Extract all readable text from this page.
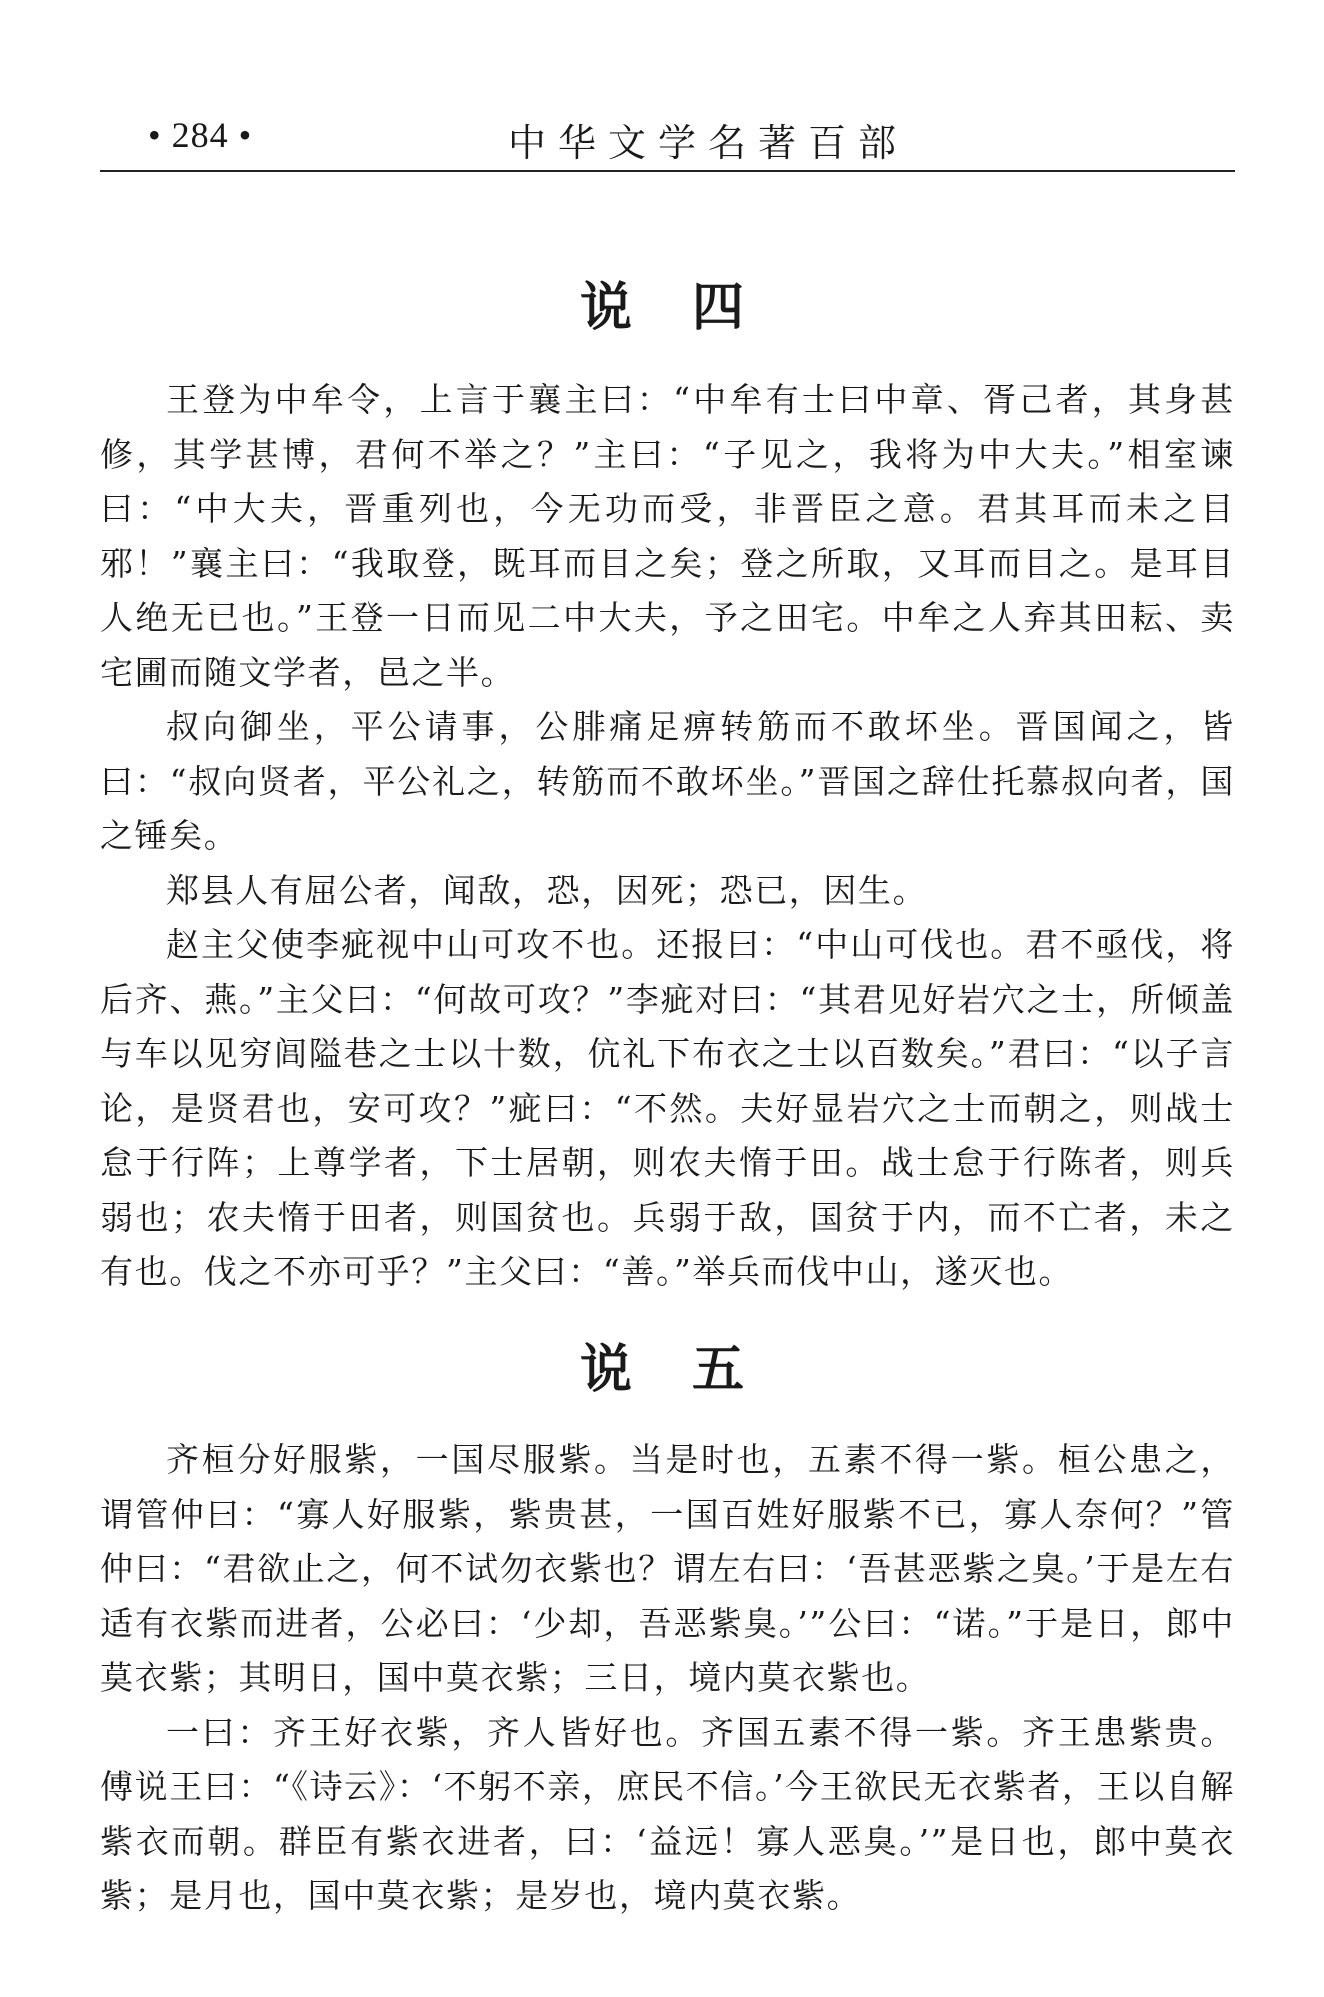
• 284 •	中华文学名著百部
说 四

王登为中牟令，上言于襄主曰：“中牟有士曰中章、胥己者，其身甚修，其学甚博，君何不举之？”主曰：“子见之，我将为中大夫。”相室谏曰：“中大夫，晋重列也，今无功而受，非晋臣之意。君其耳而未之目邪！”襄主曰：“我取登，既耳而目之矣；登之所取，又耳而目之。是耳目人绝无已也。”王登一日而见二中大夫，予之田宅。中牟之人弃其田耘、卖宅圃而随文学者，邑之半。

叔向御坐，平公请事，公腓痛足痹转筋而不敢坏坐。晋国闻之，皆曰：“叔向贤者，平公礼之，转筋而不敢坏坐。”晋国之辞仕托慕叔向者，国之锤矣。

郑县人有屈公者，闻敌，恐，因死；恐已，因生。

赵主父使李疵视中山可攻不也。还报曰：“中山可伐也。君不亟伐，将后齐、燕。”主父曰：“何故可攻？”李疵对曰：“其君见好岩穴之士，所倾盖与车以见穷闾隘巷之士以十数，伉礼下布衣之士以百数矣。”君曰：“以子言论，是贤君也，安可攻？”疵曰：“不然。夫好显岩穴之士而朝之，则战士怠于行阵；上尊学者，下士居朝，则农夫惰于田。战士怠于行陈者，则兵弱也；农夫惰于田者，则国贫也。兵弱于敌，国贫于内，而不亡者，未之有也。伐之不亦可乎？”主父曰：“善。”举兵而伐中山，遂灭也。

说 五

齐桓分好服紫，一国尽服紫。当是时也，五素不得一紫。桓公患之，谓管仲曰：“寡人好服紫，紫贵甚，一国百姓好服紫不已，寡人奈何？”管仲曰：“君欲止之，何不试勿衣紫也？谓左右曰：‘吾甚恶紫之臭。’于是左右适有衣紫而进者，公必曰：‘少却，吾恶紫臭。’”公曰：“诺。”于是日，郎中莫衣紫；其明日，国中莫衣紫；三日，境内莫衣紫也。

一曰：齐王好衣紫，齐人皆好也。齐国五素不得一紫。齐王患紫贵。傅说王曰：“《诗云》：‘不躬不亲，庶民不信。’今王欲民无衣紫者，王以自解紫衣而朝。群臣有紫衣进者，曰：‘益远！寡人恶臭。’”是日也，郎中莫衣紫；是月也，国中莫衣紫；是岁也，境内莫衣紫。
